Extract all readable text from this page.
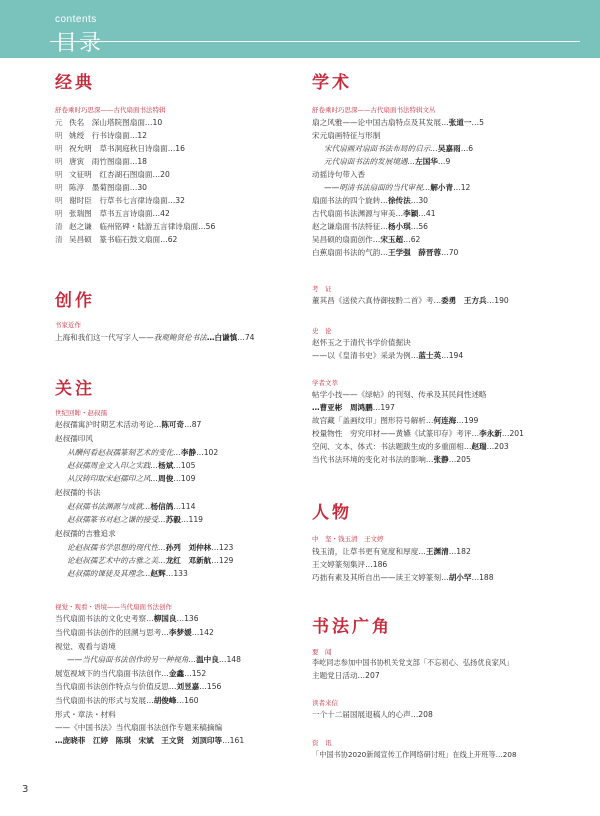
contents
目录
经典
舒卷乘时巧思深——古代扇面书法特辑
元 佚名　 深山塔院图扇面…10
明 姚绶　 行书诗扇面…12
明 祝允明　 草书洞庭秋日诗扇面…16
明 唐寅　 雨竹图扇面…18
明 文征明　 红杏湖石图扇面…20
明 陈淳　 墨菊图扇面…30
明 谢时臣　 行草书七言律诗扇面…32
明 张瑞图　 草书五言诗扇面…42
清 赵之谦　 临州铭碑・陆游五言律诗扇面…56
清 吴昌硕　 篆书临石鼓文扇面…62
创作
书家近作
上海和我们这一代写字人——我观鲍贤伦书法…白谦慎…74
关注
世纪回眸・赵叔孺
赵叔孺寓沪时期艺术活动考论…陈可奇…87
赵叔孺印风
从酬何看赵叔孺篆刻艺术的变化…李静…102
赵叔孺周金文入印之实践…杨斌…105
从汉铸印取宋赵孺印之风…周俊…109
赵叔孺的书法
赵叔孺书法渊源与成就…杨信鸽…114
赵叔孺篆书对赵之谦的接受…苏毅…119
赵叔孺的吉雅追求
论赵叔孺书学思想的现代性…孙列　刘仲林…123
论赵叔孺艺术中的古雅之美…龙红　邓新航…129
赵叔孺的课徒及其理念…赵辉…133
视觉・观看・语境——当代扇面书法创作
当代扇面书法的文化史考察…柳国良…136
当代扇面书法创作的回溯与思考…李梦媛…142
视觉、观看与语境
——当代扇面书法创作的另一种视角…温中良…148
展览视域下的当代扇面书法创作…金鑫…152
当代扇面书法创作特点与价值反思…刘昱嘉…156
当代扇面书法的形式与发展…胡俊峰…160
形式・章法・材料
——《中国书法》当代扇面书法创作专题来稿摘编
…庞晓菲　江婷　陈琪　宋斌　王文贤　刘顶印等…161
学术
舒卷乘时巧思深——古代扇面书法特辑文丛
扇之风雅——论中国古扇特点及其发展…张道一…5
宋元扇画特征与形制
宋代扇画对扇面书法布局的启示…吴嘉雨…6
元代扇面书法的发展境遇…左国华…9
动摇诗句带入香
——明清书法扇面的当代审视…解小青…12
扇面书法的四个旋转…徐传法…30
古代扇面书法渊源与审美…李颖…41
赵之谦扇面书法特征…杨小琪…56
吴昌硕的扇面创作…宋玉超…62
白蕉扇面书法的气韵…王学强　薛晋蓉…70
考　证
董其昌《送侯六真侍御按黔二首》考…委勇　王方兵…190
史　论
赵怀玉之于清代书学价值掘诀
——以《皇清书史》采录为例…蓝士英…194
学者文萃
帖学小技——《绿帖》的刊刻、传承及其民间性述略
…曹亚彬　周鸿鹏…197
故宫藏「盖画纹印」图形符号解析…何连海…199
校量物性　穷究印材——黄嬿《试篆印存》考评…李永新…201
空间、文本、体式：书法题跋生成的多重面相…赵瑞…203
当代书法环境的变化对书法的影响…张静…205
人物
中　坚・钱玉清　王文婷
钱玉清，让草书更有宽度和厚度…王渊清…182
王文婷篆刻集评…186
巧拙有素及其所自出——读王文婷篆刻…胡小罕…188
书法广角
要　闻
李屹同志参加中国书协机关党支部「不忘初心、弘扬优良家风」
主题党日活动…207
读者来信
一个十二届国展退稿人的心声…208
资　讯
「中国书协2020新闻宣传工作网络研讨班」在线上开班等…208
3
